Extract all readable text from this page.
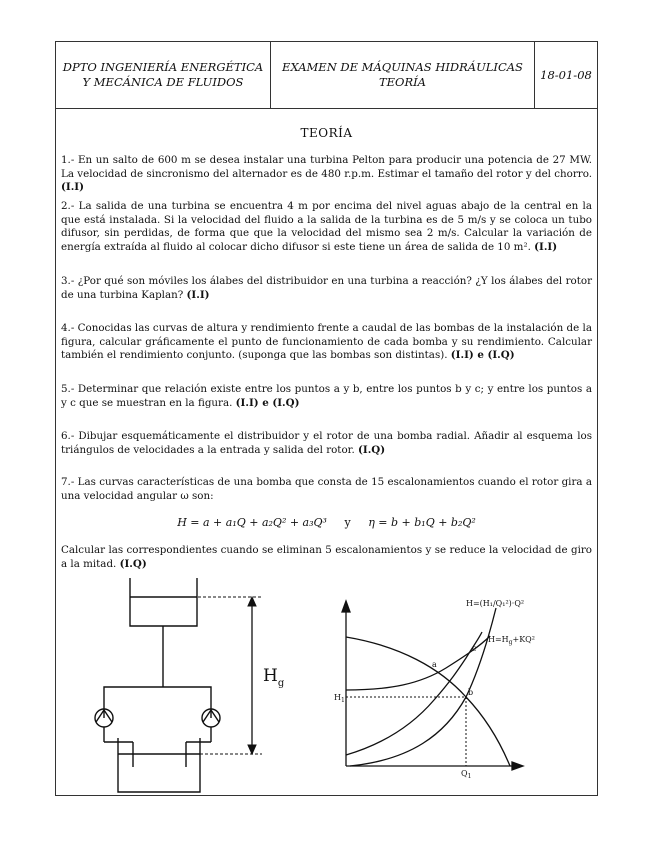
DPTO INGENIERÍA ENERGÉTICA
Y MECÁNICA DE FLUIDOS
EXAMEN DE MÁQUINAS HIDRÁULICAS
TEORÍA
18-01-08
TEORÍA
1.- En un salto de 600 m se desea instalar una turbina Pelton para producir una potencia de 27 MW. La velocidad de sincronismo del alternador es de 480 r.p.m. Estimar el tamaño del rotor y del chorro. (I.I)
2.- La salida de una turbina se encuentra 4 m por encima del nivel aguas abajo de la central en la que está instalada. Si la velocidad del fluido a la salida de la turbina es de 5 m/s y se coloca un tubo difusor, sin perdidas, de forma que que la velocidad del mismo sea 2 m/s. Calcular la variación de energía extraída al fluido al colocar dicho difusor si este tiene un área de salida de 10 m². (I.I)
3.- ¿Por qué son móviles los álabes del distribuidor en una turbina a reacción? ¿Y los álabes del rotor de una turbina Kaplan? (I.I)
4.- Conocidas las curvas de altura y rendimiento frente a caudal de las bombas de la instalación de la figura, calcular gráficamente el punto de funcionamiento de cada bomba y su rendimiento. Calcular también el rendimiento conjunto. (suponga que las bombas son distintas). (I.I) e (I.Q)
5.- Determinar que relación existe entre los puntos a y b, entre los puntos b y c; y entre los puntos a y c que se muestran en la figura. (I.I) e (I.Q)
6.- Dibujar esquemáticamente el distribuidor y el rotor de una bomba radial. Añadir al esquema los triángulos de velocidades a la entrada y salida del rotor. (I.Q)
7.- Las curvas características de una bomba que consta de 15 escalonamientos cuando el rotor gira a una velocidad angular ω son:
H = a + a₁Q + a₂Q² + a₃Q³ y η = b + b₁Q + b₂Q²
Calcular las correspondientes cuando se eliminan 5 escalonamientos y se reduce la velocidad de giro a la mitad. (I.Q)
$H_g$
H=(H₁/Q₁²)·Q²
$H=H_g+KQ^2$
a
b
c
$H_1$
$Q_1$
